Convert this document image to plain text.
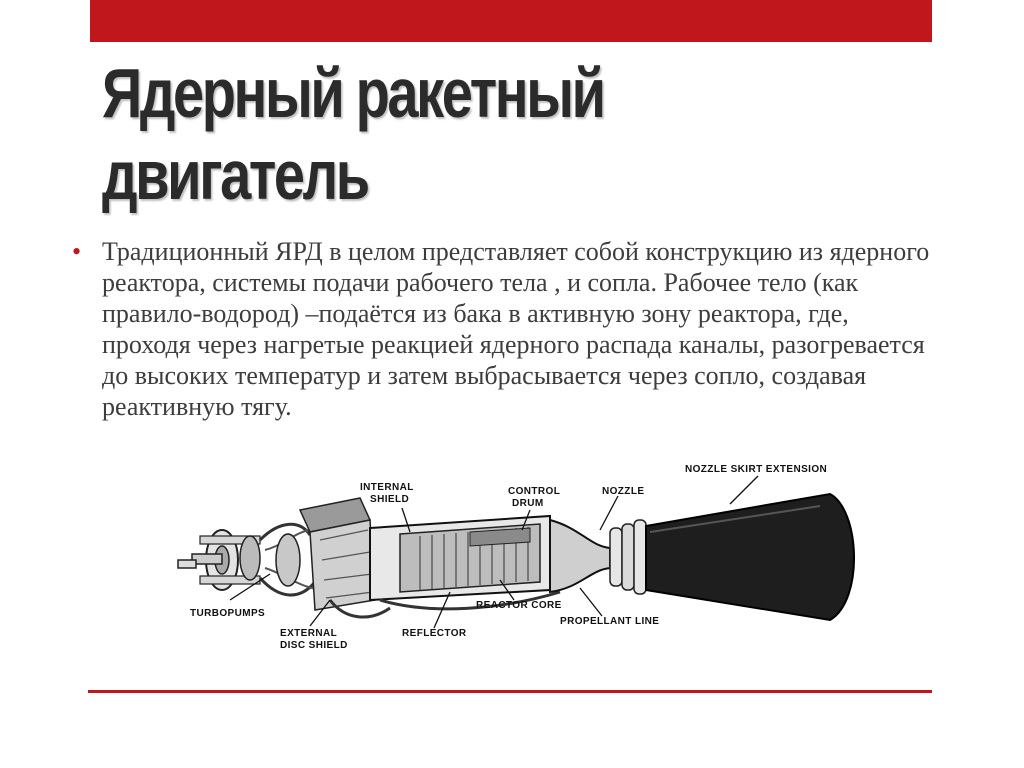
Ядерный ракетный
двигатель
• Традиционный ЯРД в целом представляет собой конструкцию из ядерного реактора, системы подачи рабочего тела , и сопла. Рабочее тело (как правило-водород) –подаётся из бака в активную зону реактора, где, проходя через нагретые реакцией ядерного распада каналы, разогревается до высоких температур и затем выбрасывается через сопло, создавая реактивную тягу.

NOZZLE SKIRT EXTENSION
INTERNAL
SHIELD
CONTROL
DRUM
NOZZLE
TURBOPUMPS
EXTERNAL
DISC SHIELD
REFLECTOR
REACTOR CORE
PROPELLANT LINE
